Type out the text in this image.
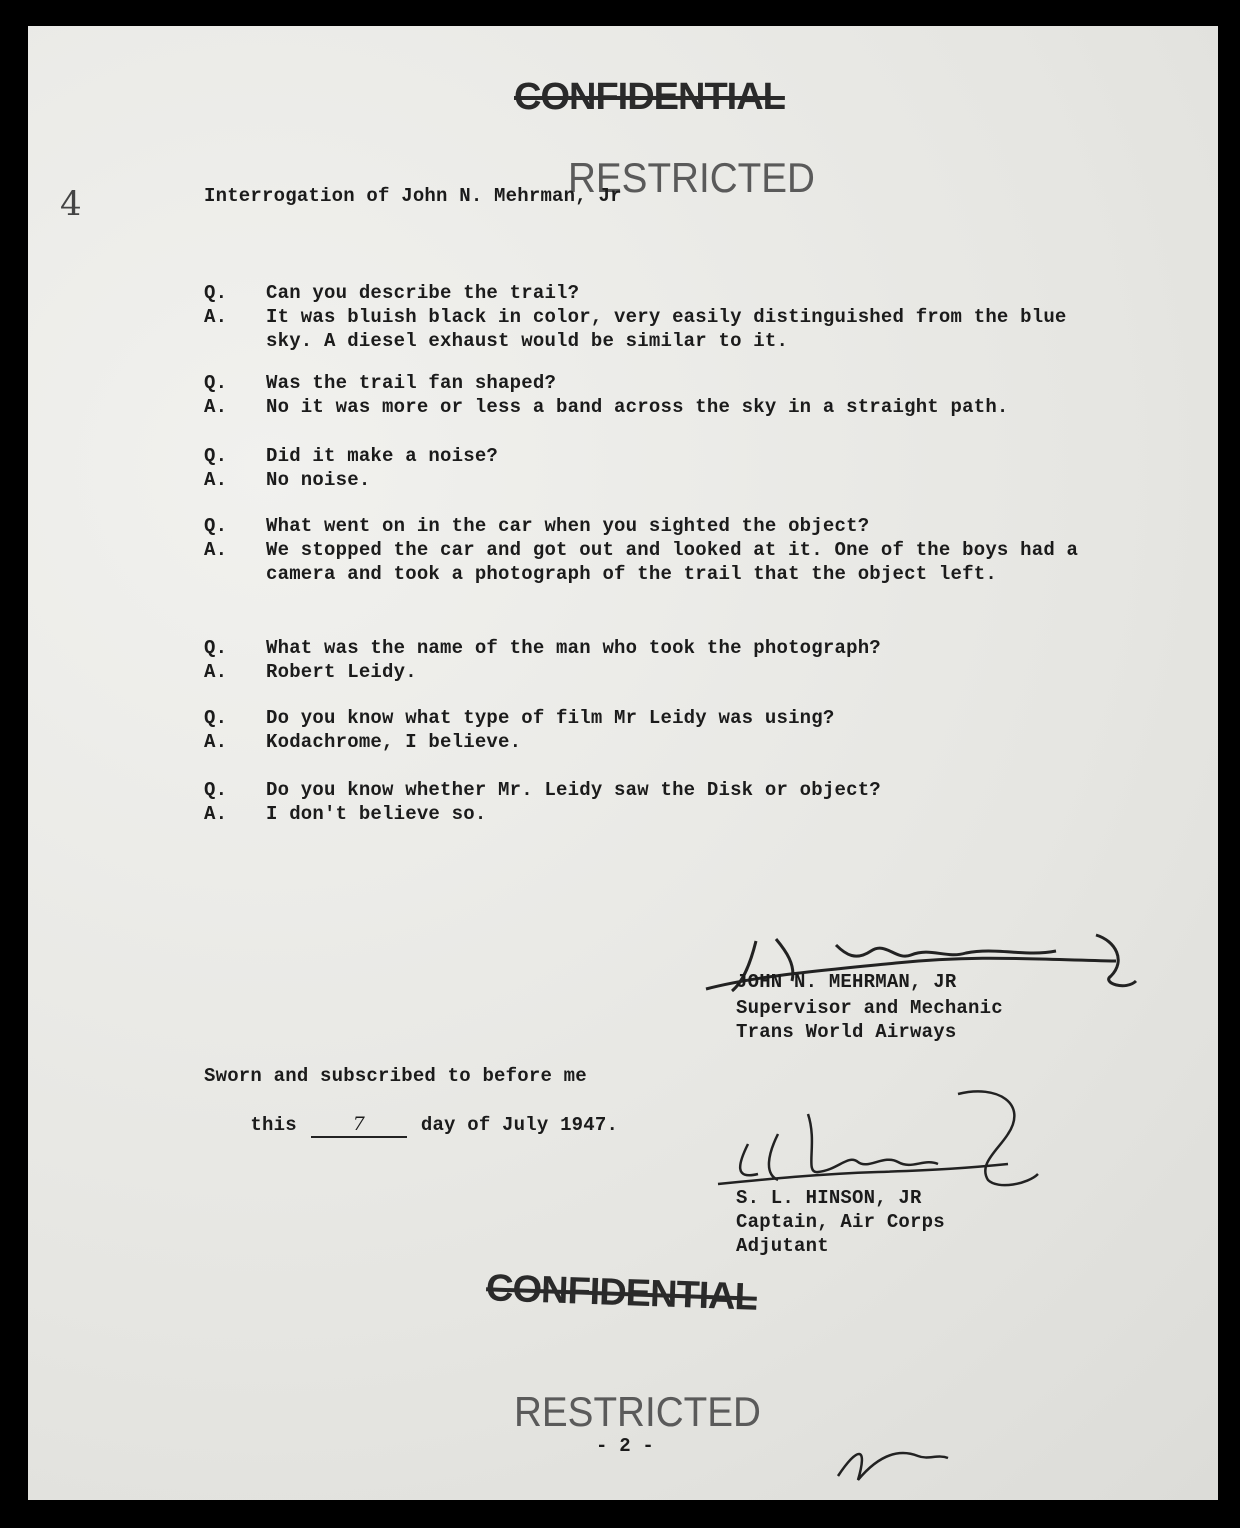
CONFIDENTIAL
RESTRICTED
4	Interrogation of John N. Mehrman, Jr
Q.	Can you describe the trail?
A.	It was bluish black in color, very easily distinguished from the blue sky. A diesel exhaust would be similar to it.
Q.	Was the trail fan shaped?
A.	No it was more or less a band across the sky in a straight path.
Q.	Did it make a noise?
A.	No noise.
Q.	What went on in the car when you sighted the object?
A.	We stopped the car and got out and looked at it. One of the boys had a camera and took a photograph of the trail that the object left.
Q.	What was the name of the man who took the photograph?
A.	Robert Leidy.
Q.	Do you know what type of film Mr Leidy was using?
A.	Kodachrome, I believe.
Q.	Do you know whether Mr. Leidy saw the Disk or object?
A.	I don't believe so.
JOHN N. MEHRMAN, JR
Supervisor and Mechanic
Trans World Airways
Sworn and subscribed to before me

this	7	day of July 1947.

S. L. HINSON, JR
Captain, Air Corps
Adjutant
CONFIDENTIAL
RESTRICTED
- 2 -
